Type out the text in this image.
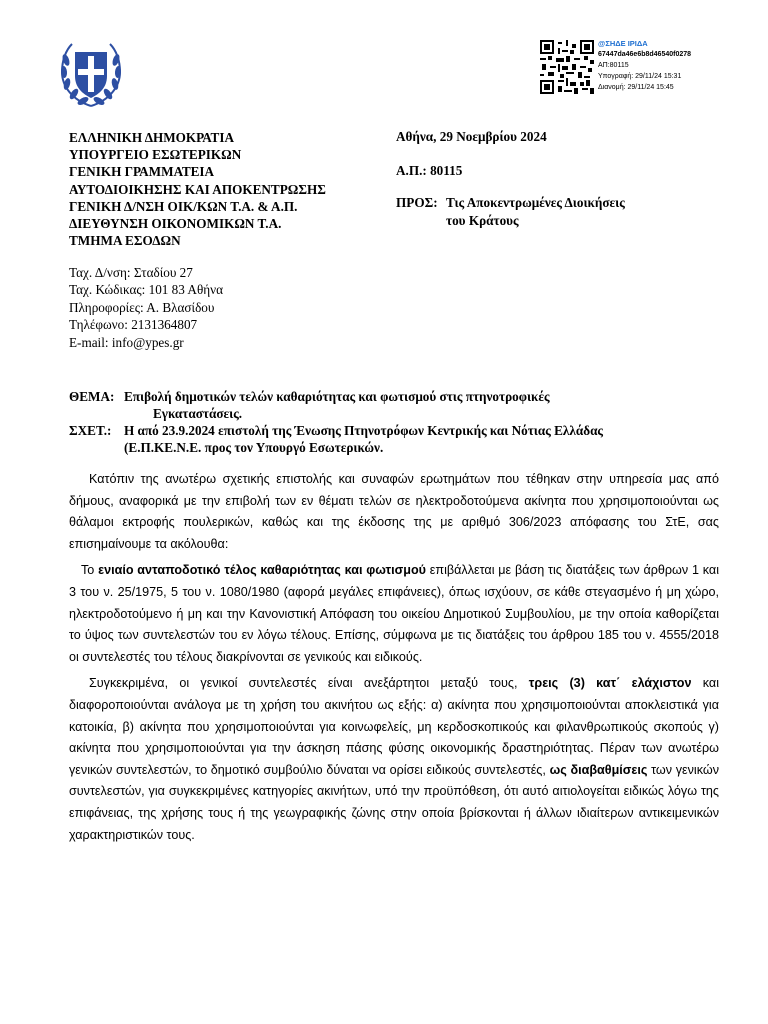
@ΣΗΔΕ ΙΡΙΔΑ
67447da46e6b8d46540f0278
ΑΠ:80115
Υπογραφή: 29/11/24 15:31
Διανομή: 29/11/24 15:45
ΕΛΛΗΝΙΚΗ ΔΗΜΟΚΡΑΤΙΑ
ΥΠΟΥΡΓΕΙΟ ΕΣΩΤΕΡΙΚΩΝ
ΓΕΝΙΚΗ ΓΡΑΜΜΑΤΕΙΑ
ΑΥΤΟΔΙΟΙΚΗΣΗΣ ΚΑΙ ΑΠΟΚΕΝΤΡΩΣΗΣ
ΓΕΝΙΚΗ Δ/ΝΣΗ ΟΙΚ/ΚΩΝ Τ.Α. & Α.Π.
ΔΙΕΥΘΥΝΣΗ ΟΙΚΟΝΟΜΙΚΩΝ Τ.Α.
ΤΜΗΜΑ ΕΣΟΔΩΝ
Αθήνα, 29 Νοεμβρίου 2024
Α.Π.: 80115
ΠΡΟΣ: Τις Αποκεντρωμένες Διοικήσεις
του Κράτους
Ταχ. Δ/νση: Σταδίου 27
Ταχ. Κώδικας: 101 83 Αθήνα
Πληροφορίες: Α. Βλασίδου
Τηλέφωνο: 2131364807
E-mail: info@ypes.gr
ΘΕΜΑ: Επιβολή δημοτικών τελών καθαριότητας και φωτισμού στις πτηνοτροφικές
Εγκαταστάσεις.
ΣΧΕΤ.: Η από 23.9.2024 επιστολή της Ένωσης Πτηνοτρόφων Κεντρικής και Νότιας Ελλάδας
(Ε.Π.ΚΕ.Ν.Ε. προς τον Υπουργό Εσωτερικών.

Κατόπιν της ανωτέρω σχετικής επιστολής και συναφών ερωτημάτων που τέθηκαν στην υπηρεσία μας από δήμους, αναφορικά με την επιβολή των εν θέματι τελών σε ηλεκτροδοτούμενα ακίνητα που χρησιμοποιούνται ως θάλαμοι εκτροφής πουλερικών, καθώς και της έκδοσης της με αριθμό 306/2023 απόφασης του ΣτΕ, σας επισημαίνουμε τα ακόλουθα:

Το ενιαίο ανταποδοτικό τέλος καθαριότητας και φωτισμού επιβάλλεται με βάση τις διατάξεις των άρθρων 1 και 3 του ν. 25/1975, 5 του ν. 1080/1980 (αφορά μεγάλες επιφάνειες), όπως ισχύουν, σε κάθε στεγασμένο ή μη χώρο, ηλεκτροδοτούμενο ή μη και την Κανονιστική Απόφαση του οικείου Δημοτικού Συμβουλίου, με την οποία καθορίζεται το ύψος των συντελεστών του εν λόγω τέλους. Επίσης, σύμφωνα με τις διατάξεις του άρθρου 185 του ν. 4555/2018 οι συντελεστές του τέλους διακρίνονται σε γενικούς και ειδικούς.

Συγκεκριμένα, οι γενικοί συντελεστές είναι ανεξάρτητοι μεταξύ τους, τρεις (3) κατ΄ ελάχιστον και διαφοροποιούνται ανάλογα με τη χρήση του ακινήτου ως εξής: α) ακίνητα που χρησιμοποιούνται αποκλειστικά για κατοικία, β) ακίνητα που χρησιμοποιούνται για κοινωφελείς, μη κερδοσκοπικούς και φιλανθρωπικούς σκοπούς γ) ακίνητα που χρησιμοποιούνται για την άσκηση πάσης φύσης οικονομικής δραστηριότητας. Πέραν των ανωτέρω γενικών συντελεστών, το δημοτικό συμβούλιο δύναται να ορίσει ειδικούς συντελεστές, ως διαβαθμίσεις των γενικών συντελεστών, για συγκεκριμένες κατηγορίες ακινήτων, υπό την προϋπόθεση, ότι αυτό αιτιολογείται ειδικώς λόγω της επιφάνειας, της χρήσης τους ή της γεωγραφικής ζώνης στην οποία βρίσκονται ή άλλων ιδιαίτερων αντικειμενικών χαρακτηριστικών τους.
